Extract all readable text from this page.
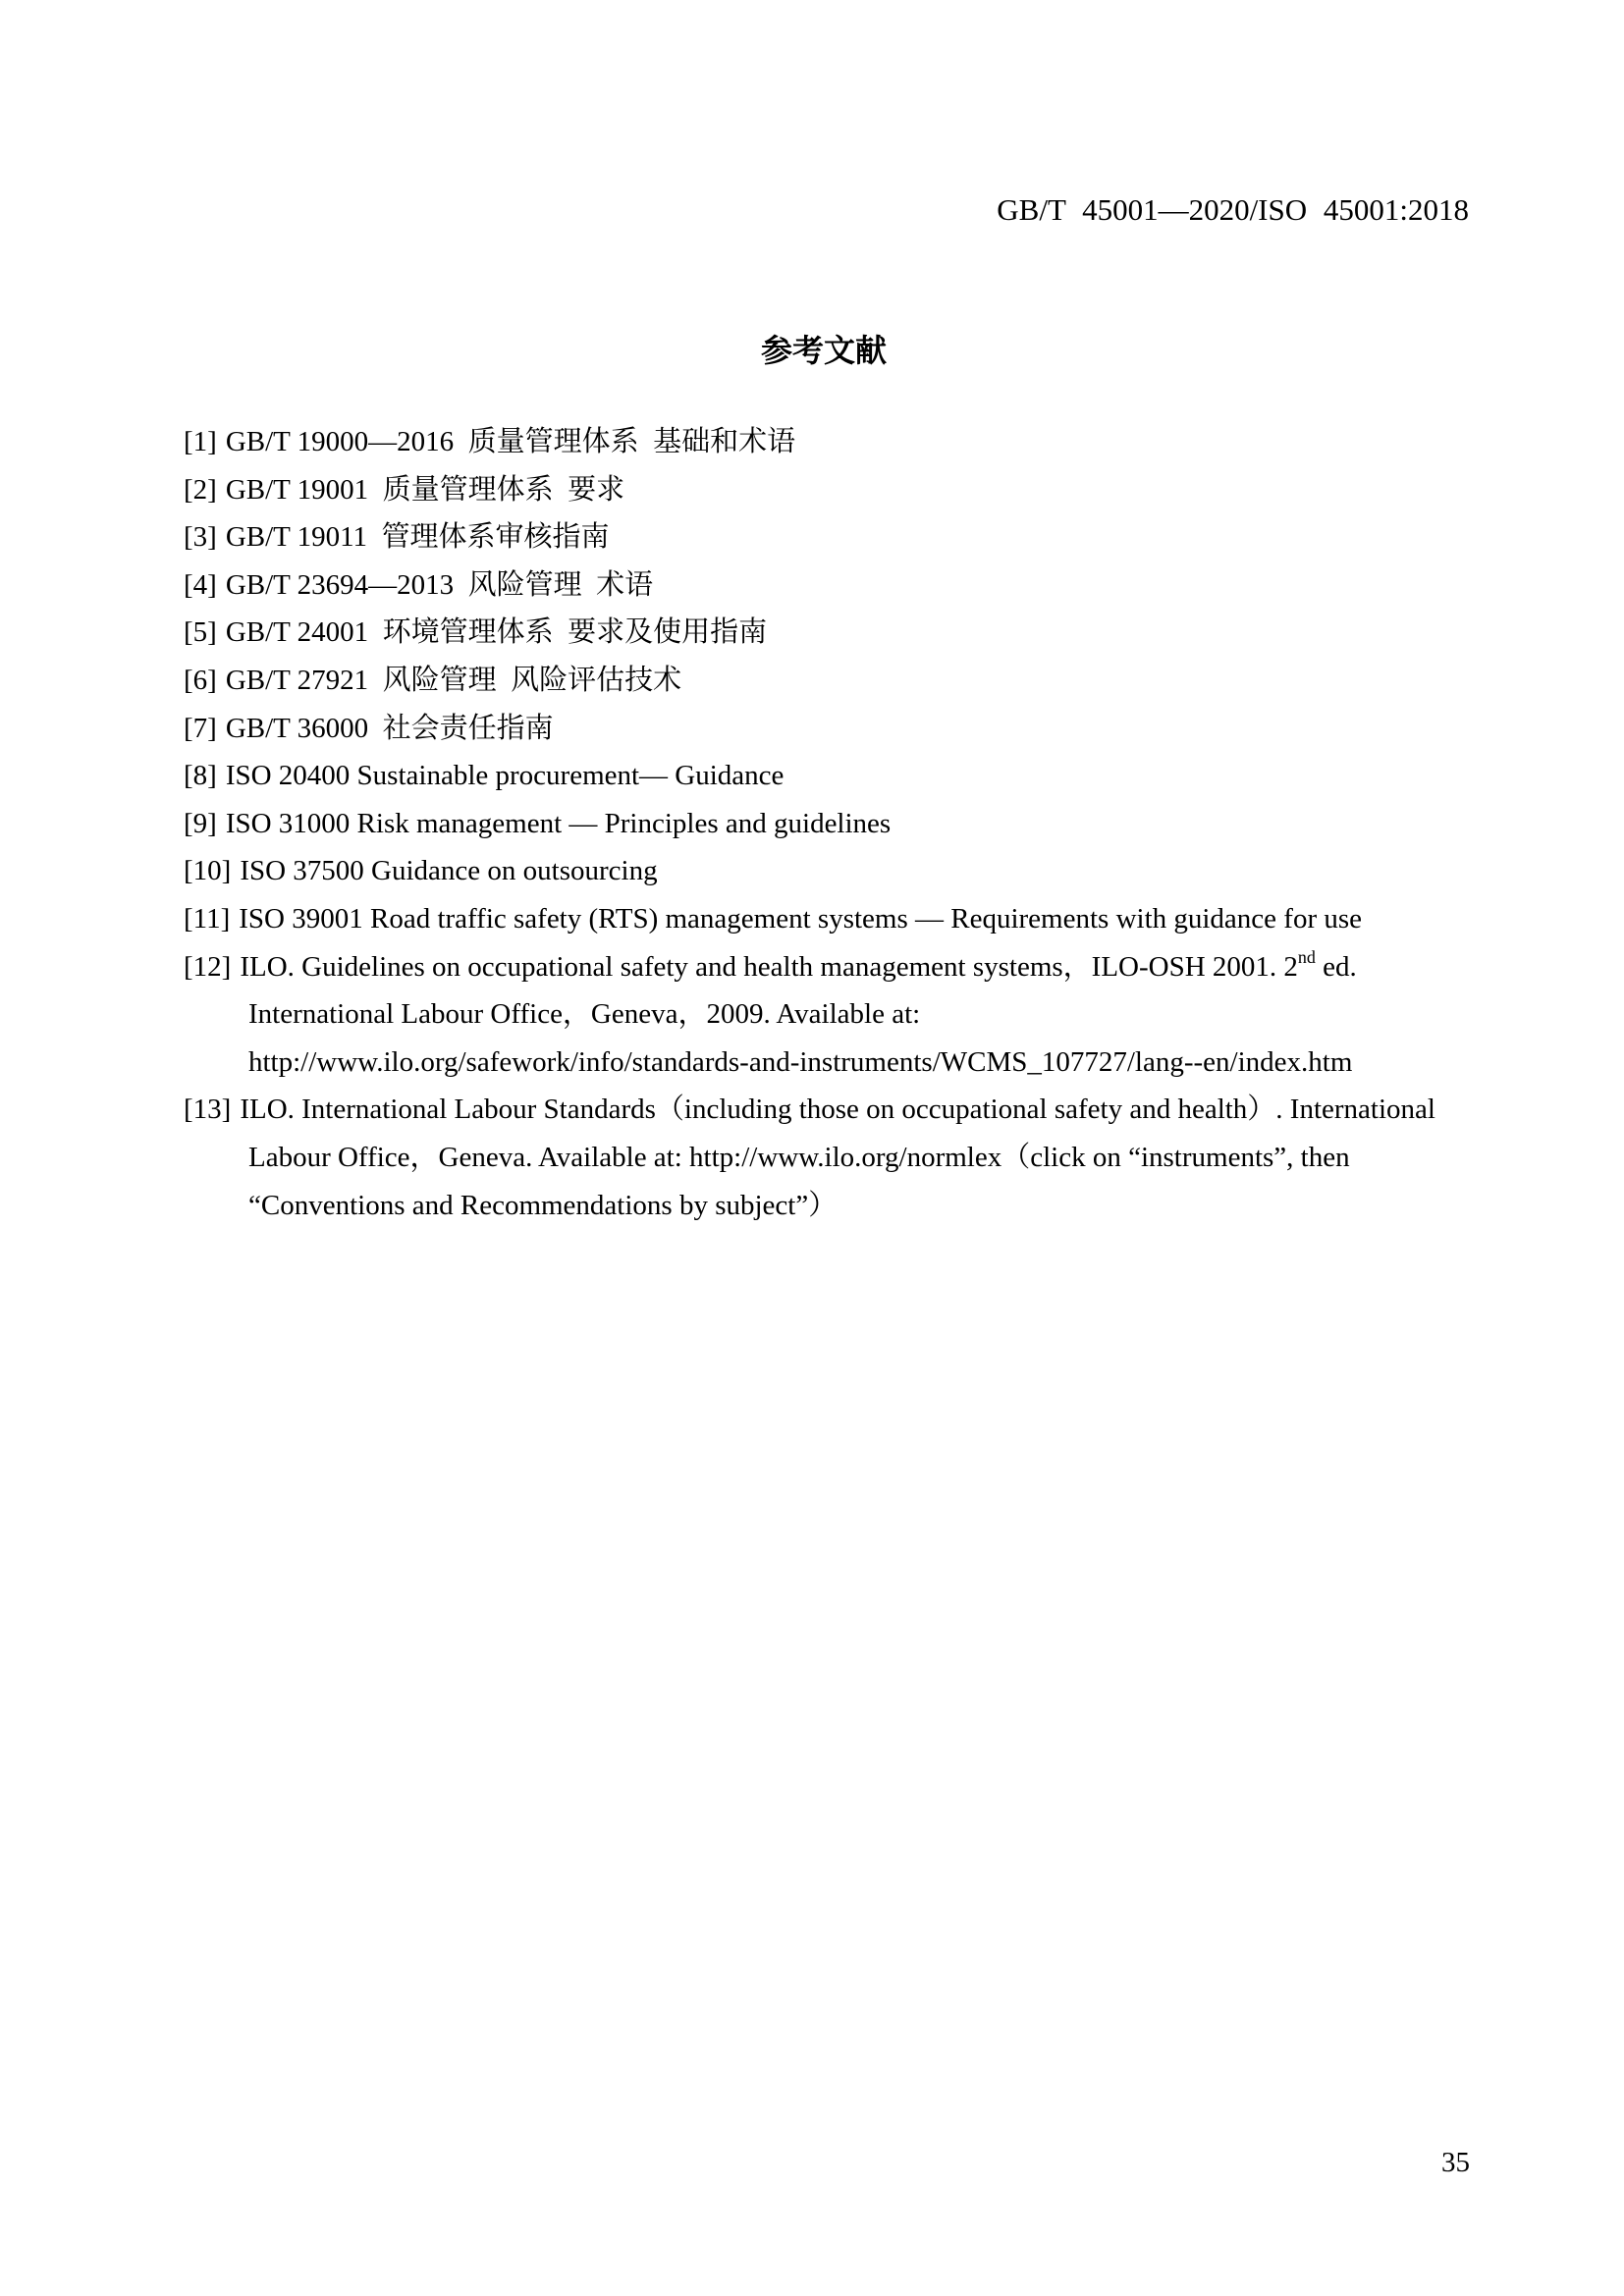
GB/T 45001—2020/ISO 45001:2018
参考文献
[1] GB/T 19000—2016  质量管理体系  基础和术语
[2] GB/T 19001  质量管理体系  要求
[3] GB/T 19011  管理体系审核指南
[4] GB/T 23694—2013  风险管理  术语
[5] GB/T 24001  环境管理体系  要求及使用指南
[6] GB/T 27921  风险管理  风险评估技术
[7] GB/T 36000  社会责任指南
[8] ISO 20400 Sustainable procurement— Guidance
[9] ISO 31000 Risk management — Principles and guidelines
[10] ISO 37500 Guidance on outsourcing
[11] ISO 39001 Road traffic safety (RTS) management systems — Requirements with guidance for use
[12] ILO. Guidelines on occupational safety and health management systems，ILO-OSH 2001. 2nd ed.
International Labour Office，Geneva，2009. Available at:
http://www.ilo.org/safework/info/standards-and-instruments/WCMS_107727/lang--en/index.htm
[13] ILO. International Labour Standards（including those on occupational safety and health）. International
Labour Office，Geneva. Available at: http://www.ilo.org/normlex（click on “instruments”, then
“Conventions and Recommendations by subject”）
35
